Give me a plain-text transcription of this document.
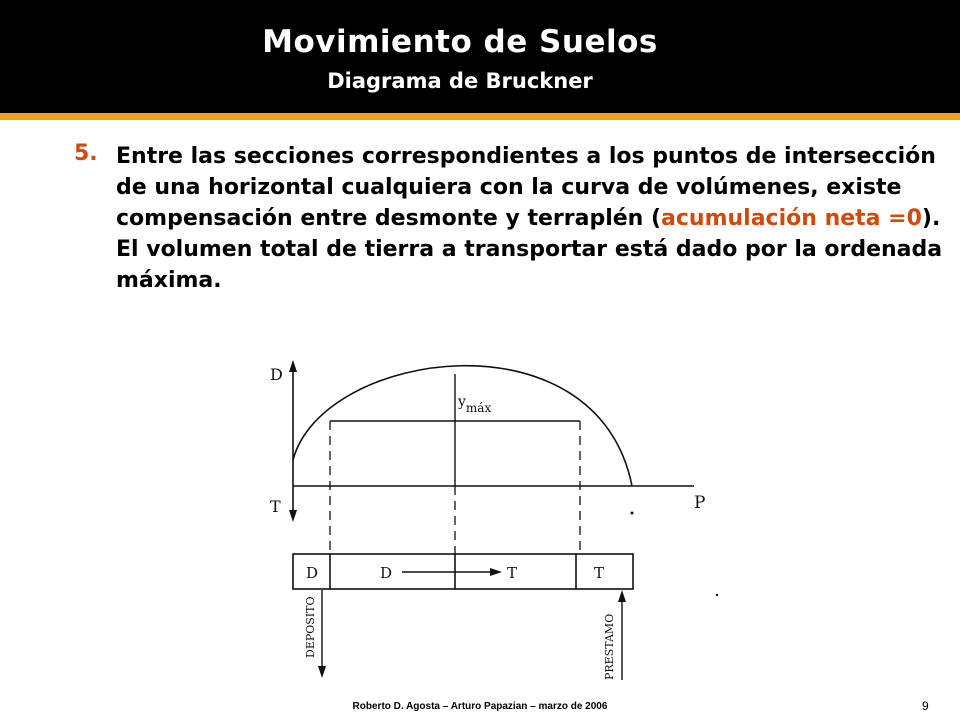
Movimiento de Suelos
Diagrama de Bruckner
5. Entre las secciones correspondientes a los puntos de intersección de una horizontal cualquiera con la curva de volúmenes, existe compensación entre desmonte y terraplén (acumulación neta =0).
El volumen total de tierra a transportar está dado por la ordenada máxima.
D
T	P
ymáx
D	D	T	T
DEPOSITO	PRESTAMO
Roberto D. Agosta – Arturo Papazian – marzo de 2006	9
